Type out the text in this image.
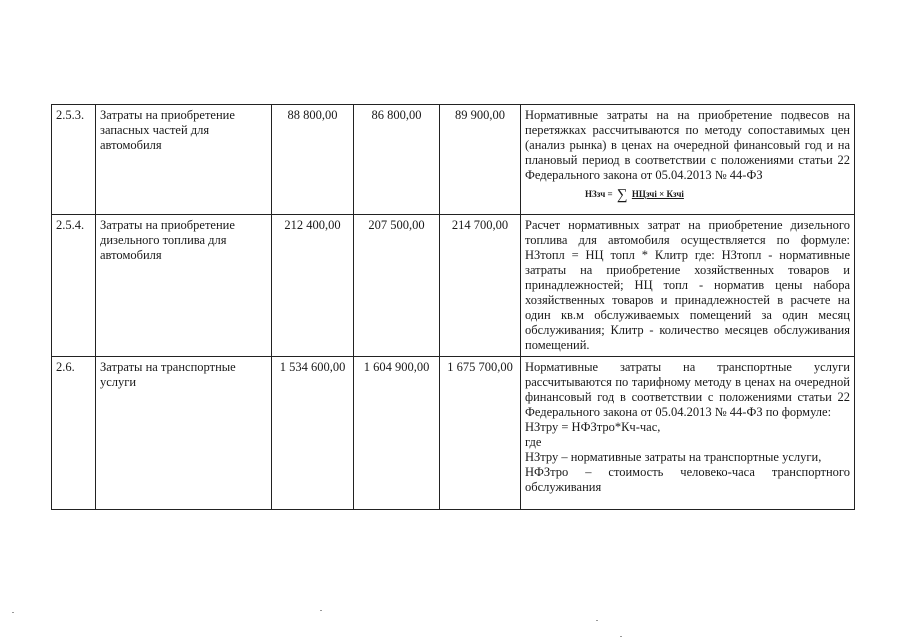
2.5.3.	Затраты на приобретение запасных частей для автомобиля	88 800,00	86 800,00	89 900,00	Нормативные затраты на на приобретение подвесов на перетяжках рассчитываются по методу сопоставимых цен (анализ рынка) в ценах на очередной финансовый год и на плановый период в соответствии с положениями статьи 22 Федерального закона от 05.04.2013 № 44-ФЗ

НЗзч = ∑ НЦзчi × Кзчi

2.5.4.	Затраты на приобретение дизельного топлива для автомобиля	212 400,00	207 500,00	214 700,00	Расчет нормативных затрат на приобретение дизельного топлива для автомобиля осуществляется по формуле: НЗтопл = НЦ топл * Клитр где: НЗтопл - нормативные затраты на приобретение хозяйственных товаров и принадлежностей; НЦ топл - норматив цены набора хозяйственных товаров и принадлежностей в расчете на один кв.м обслуживаемых помещений за один месяц обслуживания; Клитр - количество месяцев обслуживания помещений.

2.6.	Затраты на транспортные услуги	1 534 600,00	1 604 900,00	1 675 700,00	Нормативные затраты на транспортные услуги рассчитываются по тарифному методу в ценах на очередной финансовый год в соответствии с положениями статьи 22 Федерального закона от 05.04.2013 № 44-ФЗ по формуле:

НЗтру = НФЗтро*Кч-час,

где

НЗтру – нормативные затраты на транспортные услуги,

НФЗтро – стоимость человеко-часа транспортного обслуживания
